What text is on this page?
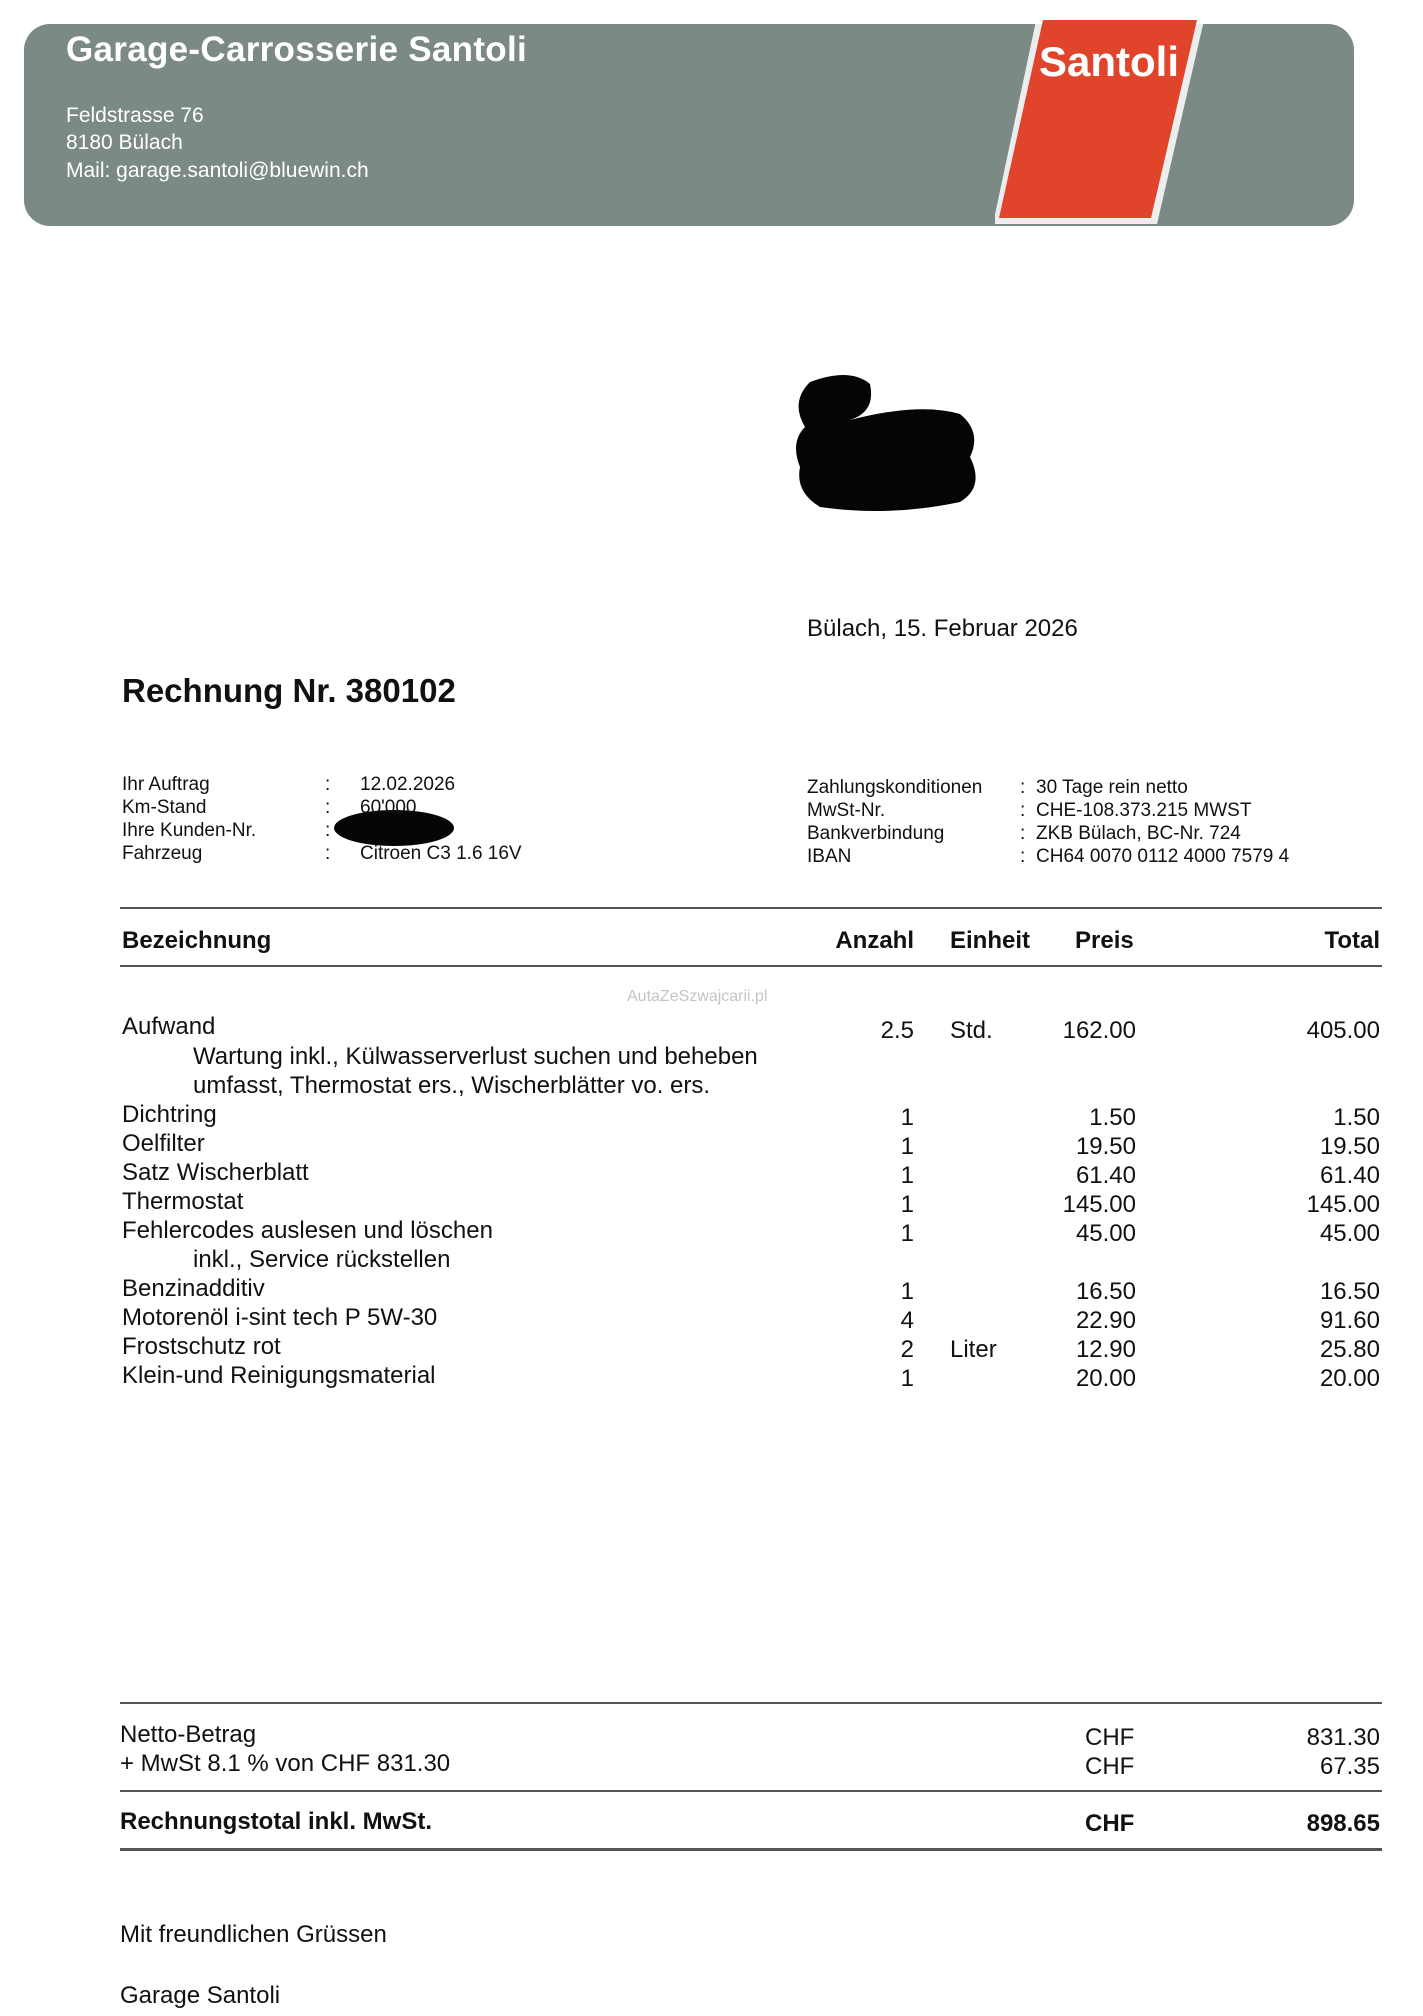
Garage-Carrosserie Santoli
Feldstrasse 76
8180 Bülach
Mail: garage.santoli@bluewin.ch
Santoli
Bülach, 15. Februar 2026
Rechnung Nr. 380102
Ihr Auftrag	: 12.02.2026
Km-Stand	: 60'000
Ihre Kunden-Nr.	:
Fahrzeug	: Citroen C3 1.6 16V
Zahlungskonditionen : 30 Tage rein netto
MwSt-Nr.	: CHE-108.373.215 MWST
Bankverbindung	: ZKB Bülach, BC-Nr. 724
IBAN	: CH64 0070 0112 4000 7579 4
Bezeichnung	Anzahl Einheit Preis	Total
AutaZeSzwajcarii.pl
Aufwand	2.5 Std.	162.00	405.00
Wartung inkl., Külwasserverlust suchen und beheben
umfasst, Thermostat ers., Wischerblätter vo. ers.
Dichtring	1	1.50	1.50
Oelfilter	1	19.50	19.50
Satz Wischerblatt	1	61.40	61.40
Thermostat	1	145.00	145.00
Fehlercodes auslesen und löschen	1	45.00	45.00
inkl., Service rückstellen
Benzinadditiv	1	16.50	16.50
Motorenöl i-sint tech P 5W-30	4	22.90	91.60
Frostschutz rot	2 Liter	12.90	25.80
Klein-und Reinigungsmaterial	1	20.00	20.00
Netto-Betrag	CHF	831.30
+ MwSt 8.1 % von CHF 831.30	CHF	67.35
Rechnungstotal inkl. MwSt.	CHF	898.65
Mit freundlichen Grüssen
Garage Santoli
